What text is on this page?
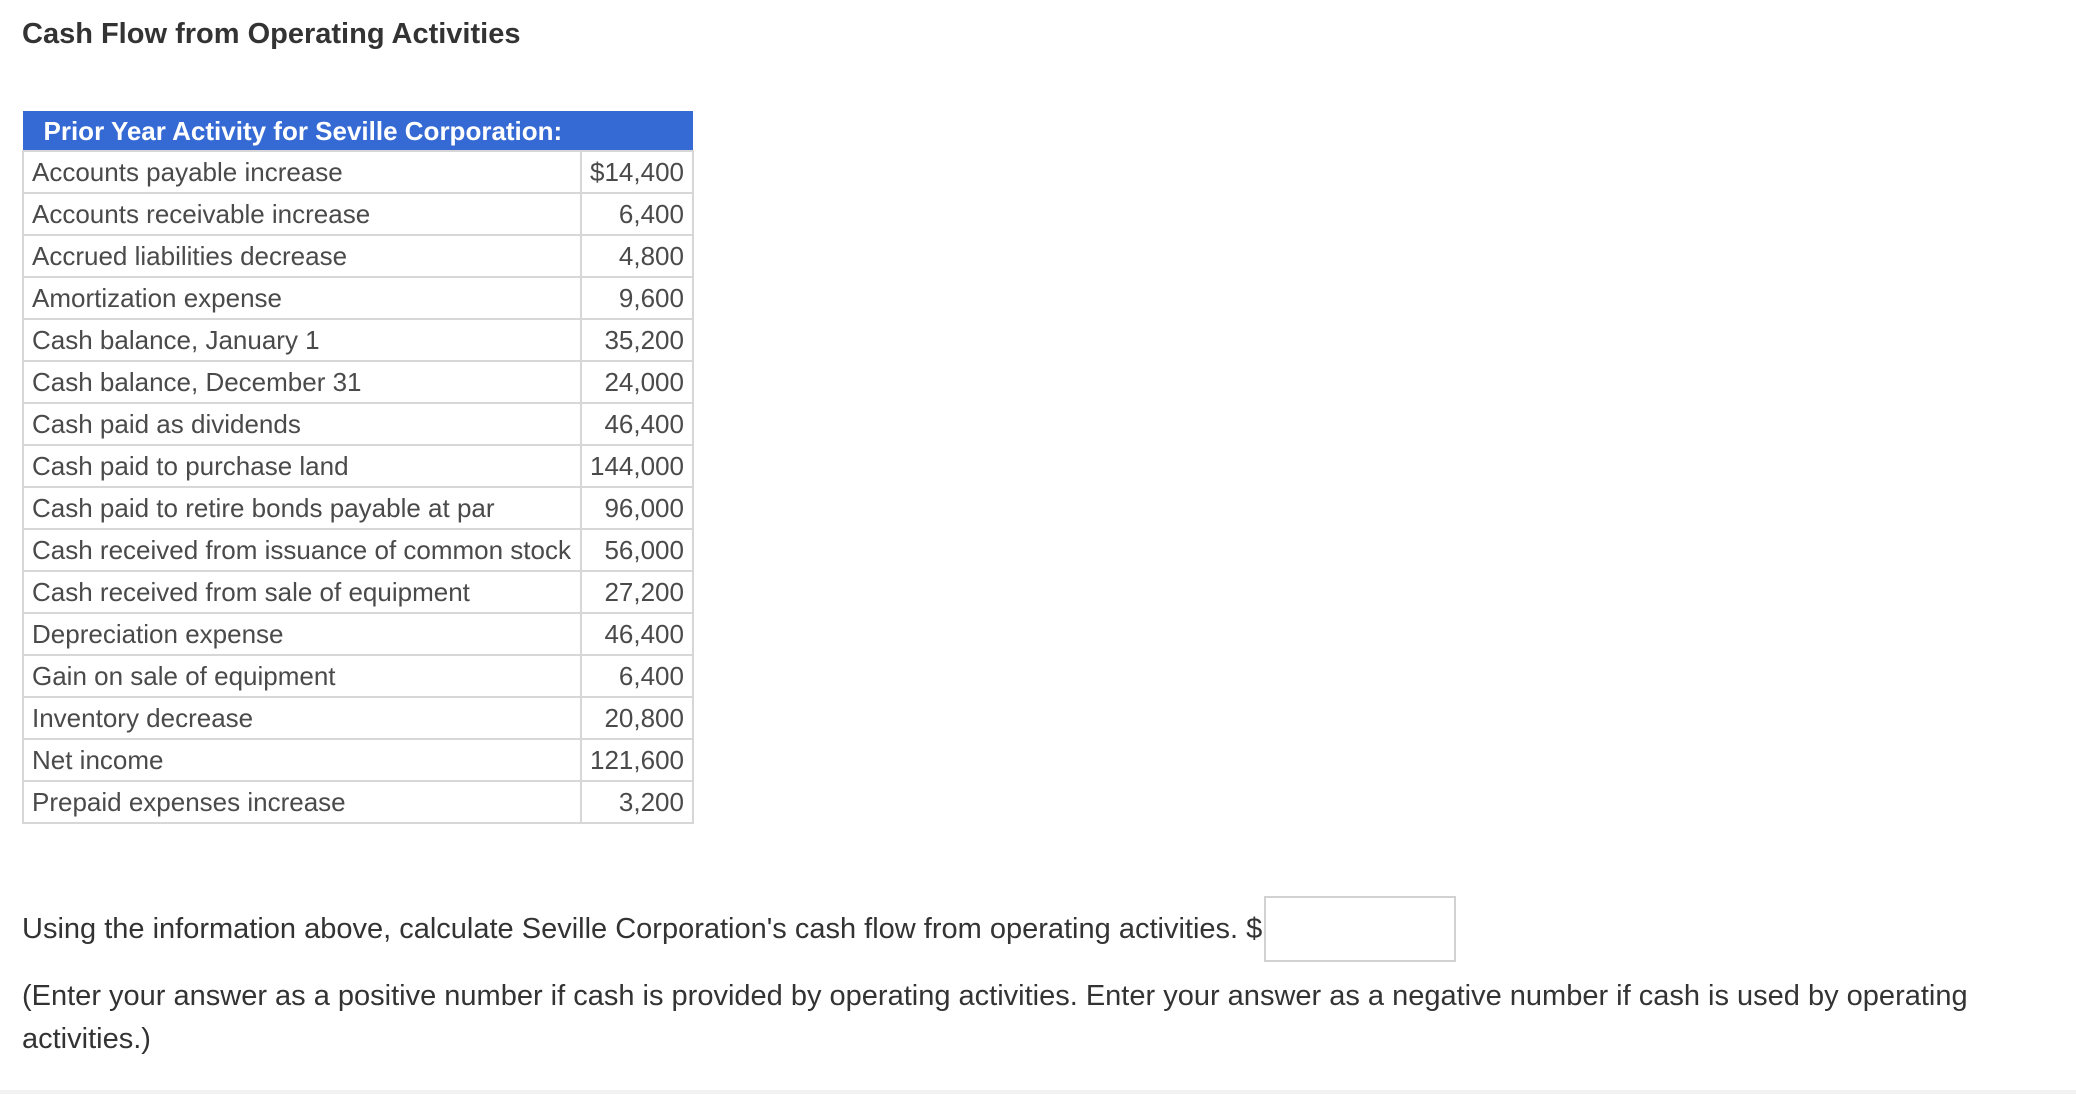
Cash Flow from Operating Activities
Prior Year Activity for Seville Corporation:	
Accounts payable increase	$14,400
Accounts receivable increase	6,400
Accrued liabilities decrease	4,800
Amortization expense	9,600
Cash balance, January 1	35,200
Cash balance, December 31	24,000
Cash paid as dividends	46,400
Cash paid to purchase land	144,000
Cash paid to retire bonds payable at par	96,000
Cash received from issuance of common stock	56,000
Cash received from sale of equipment	27,200
Depreciation expense	46,400
Gain on sale of equipment	6,400
Inventory decrease	20,800
Net income	121,600
Prepaid expenses increase	3,200
Using the information above, calculate Seville Corporation's cash flow from operating activities. $

(Enter your answer as a positive number if cash is provided by operating activities. Enter your answer as a negative number if cash is used by operating activities.)
